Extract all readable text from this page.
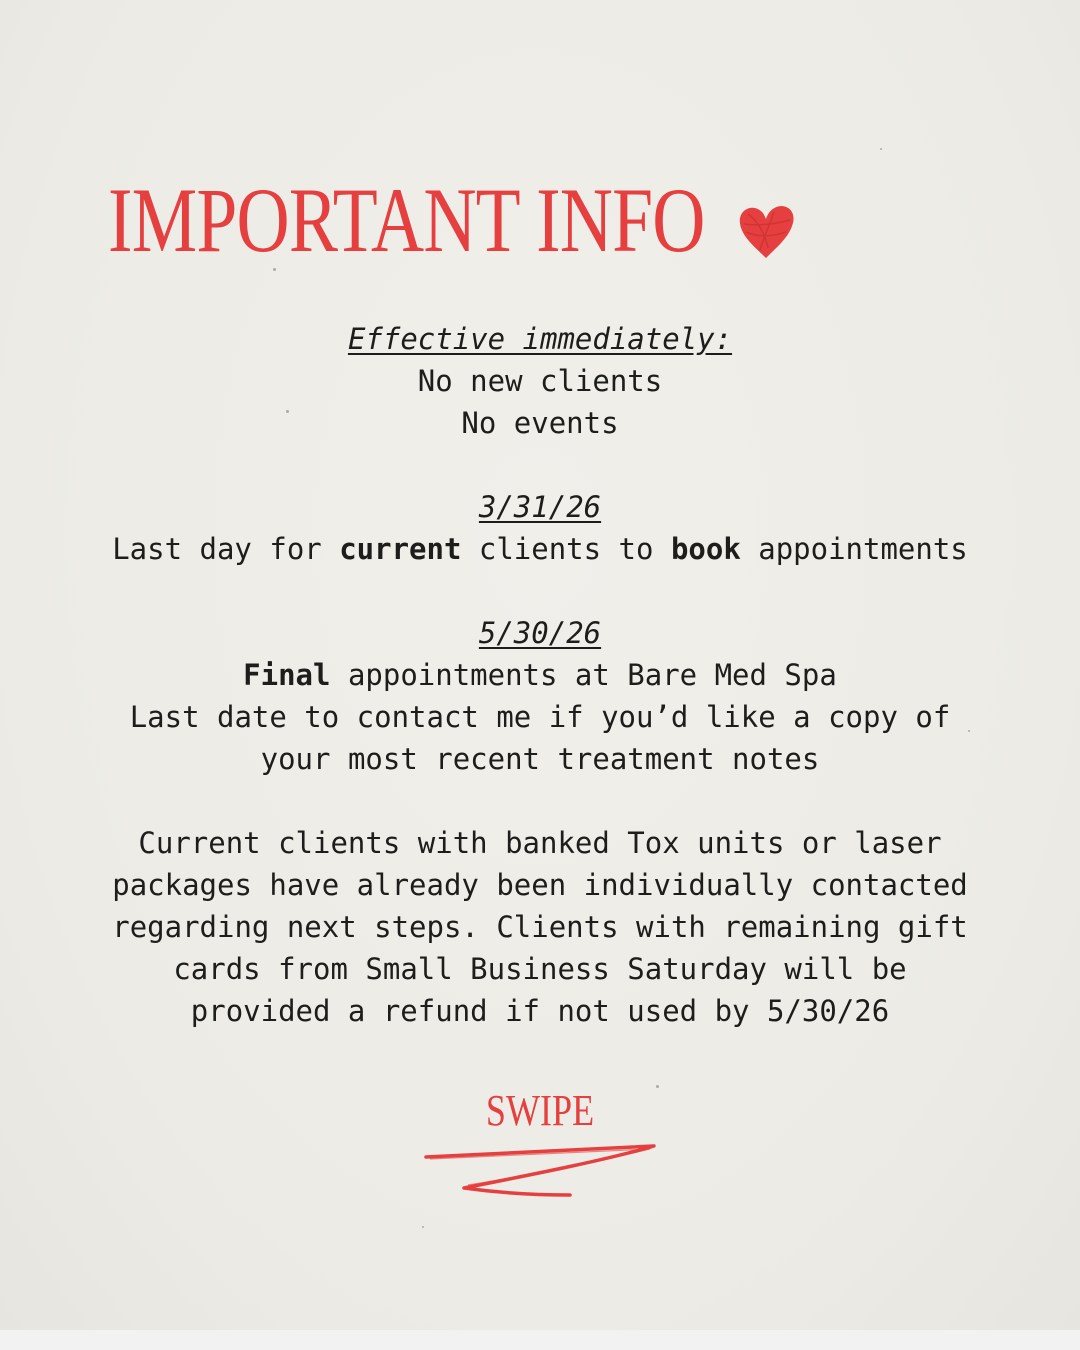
IMPORTANT INFO

Effective immediately:

No new clients

No events

3/31/26

Last day for current clients to book appointments

5/30/26

Final appointments at Bare Med Spa

Last date to contact me if you’d like a copy of

your most recent treatment notes

Current clients with banked Tox units or laser

packages have already been individually contacted

regarding next steps. Clients with remaining gift

cards from Small Business Saturday will be

provided a refund if not used by 5/30/26

SWIPE
